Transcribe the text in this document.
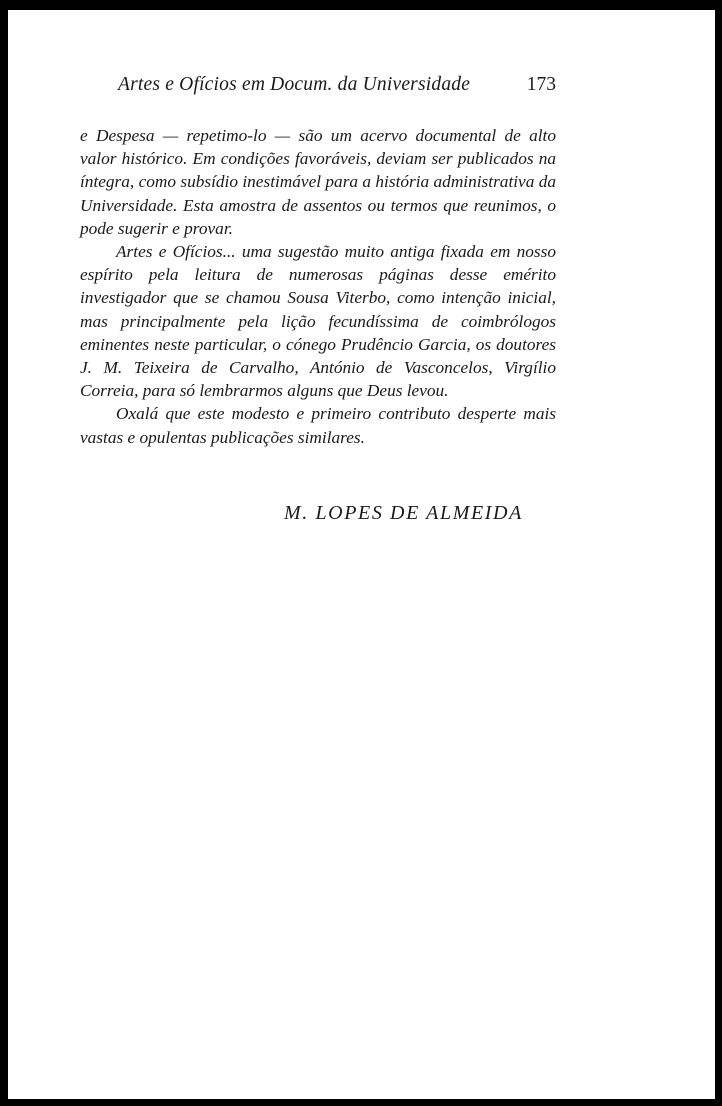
Artes e Ofícios em Docum. da Universidade	173

e Despesa — repetimo-lo — são um acervo documental de alto valor histórico. Em condições favoráveis, deviam ser publicados na íntegra, como subsídio inestimável para a história administrativa da Universidade. Esta amostra de assentos ou termos que reunimos, o pode sugerir e provar.

Artes e Ofícios... uma sugestão muito antiga fixada em nosso espírito pela leitura de numerosas páginas desse emérito investigador que se chamou Sousa Viterbo, como intenção inicial, mas principalmente pela lição fecundíssima de coimbrólogos eminentes neste particular, o cónego Prudêncio Garcia, os doutores J. M. Teixeira de Carvalho, António de Vasconcelos, Virgílio Correia, para só lembrarmos alguns que Deus levou.

Oxalá que este modesto e primeiro contributo desperte mais vastas e opulentas publicações similares.

M. LOPES DE ALMEIDA
